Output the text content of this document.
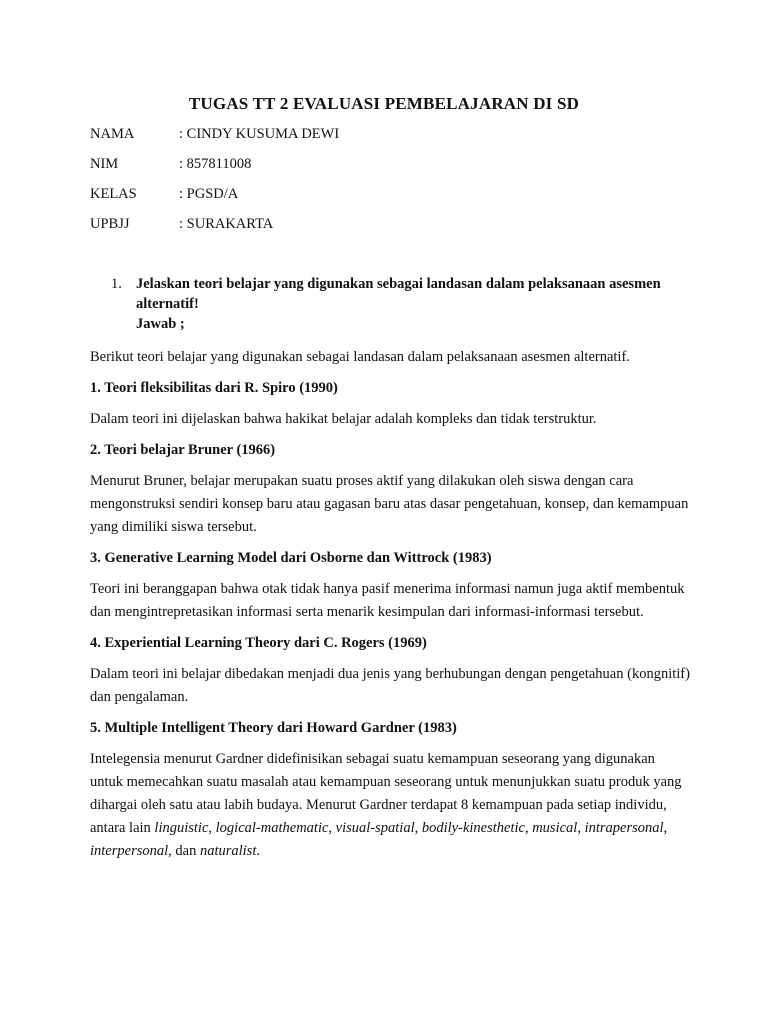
TUGAS TT 2 EVALUASI PEMBELAJARAN DI SD
NAMA	: CINDY KUSUMA DEWI
NIM	: 857811008
KELAS	: PGSD/A
UPBJJ	: SURAKARTA
1. Jelaskan teori belajar yang digunakan sebagai landasan dalam pelaksanaan asesmen alternatif!
Jawab ;

Berikut teori belajar yang digunakan sebagai landasan dalam pelaksanaan asesmen alternatif.

1. Teori fleksibilitas dari R. Spiro (1990)

Dalam teori ini dijelaskan bahwa hakikat belajar adalah kompleks dan tidak terstruktur.

2. Teori belajar Bruner (1966)

Menurut Bruner, belajar merupakan suatu proses aktif yang dilakukan oleh siswa dengan cara mengonstruksi sendiri konsep baru atau gagasan baru atas dasar pengetahuan, konsep, dan kemampuan yang dimiliki siswa tersebut.

3. Generative Learning Model dari Osborne dan Wittrock (1983)

Teori ini beranggapan bahwa otak tidak hanya pasif menerima informasi namun juga aktif membentuk dan mengintrepretasikan informasi serta menarik kesimpulan dari informasi-informasi tersebut.

4. Experiential Learning Theory dari C. Rogers (1969)

Dalam teori ini belajar dibedakan menjadi dua jenis yang berhubungan dengan pengetahuan (kongnitif) dan pengalaman.

5. Multiple Intelligent Theory dari Howard Gardner (1983)

Intelegensia menurut Gardner didefinisikan sebagai suatu kemampuan seseorang yang digunakan untuk memecahkan suatu masalah atau kemampuan seseorang untuk menunjukkan suatu produk yang dihargai oleh satu atau labih budaya. Menurut Gardner terdapat 8 kemampuan pada setiap individu, antara lain linguistic, logical-mathematic, visual-spatial, bodily-kinesthetic, musical, intrapersonal, interpersonal, dan naturalist.
